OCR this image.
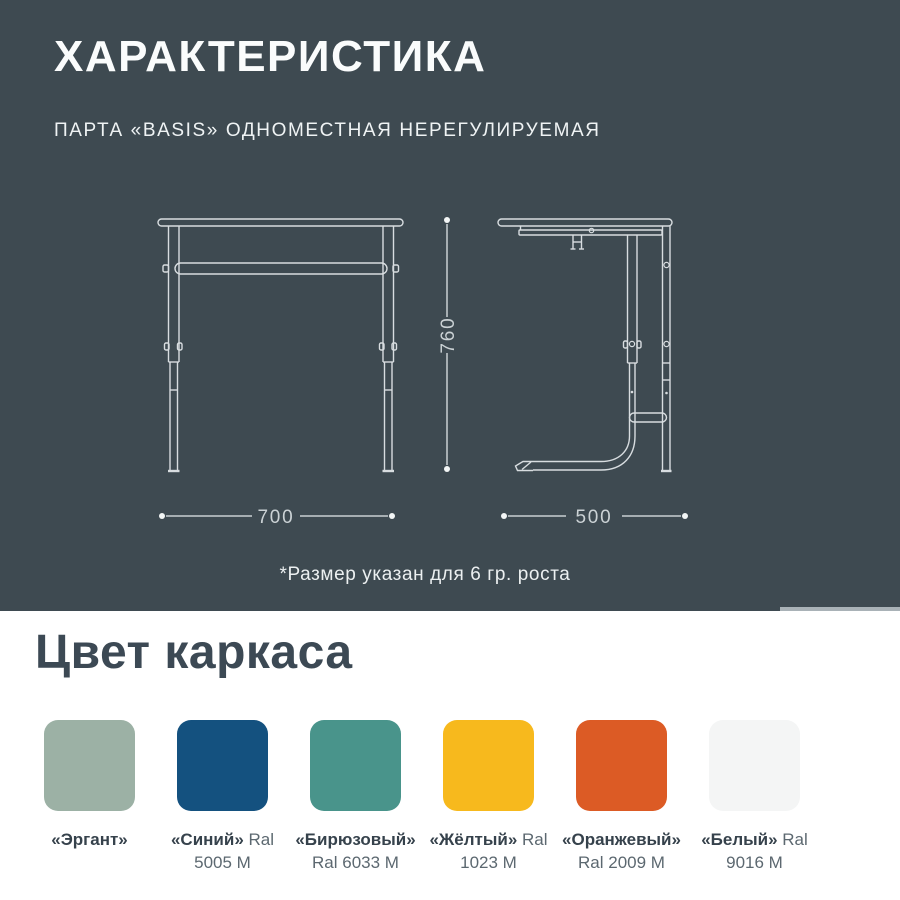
ХАРАКТЕРИСТИКА
ПАРТА «BASIS» ОДНОМЕСТНАЯ НЕРЕГУЛИРУЕМАЯ
760
700	500
*Размер указан для 6 гр. роста
Цвет каркаса
«Эргант»	«Синий» Ral 5005 M
«Бирюзовый» Ral 6033 M
«Жёлтый» Ral 1023 M
«Оранжевый» Ral 2009 M
«Белый» Ral 9016 M
